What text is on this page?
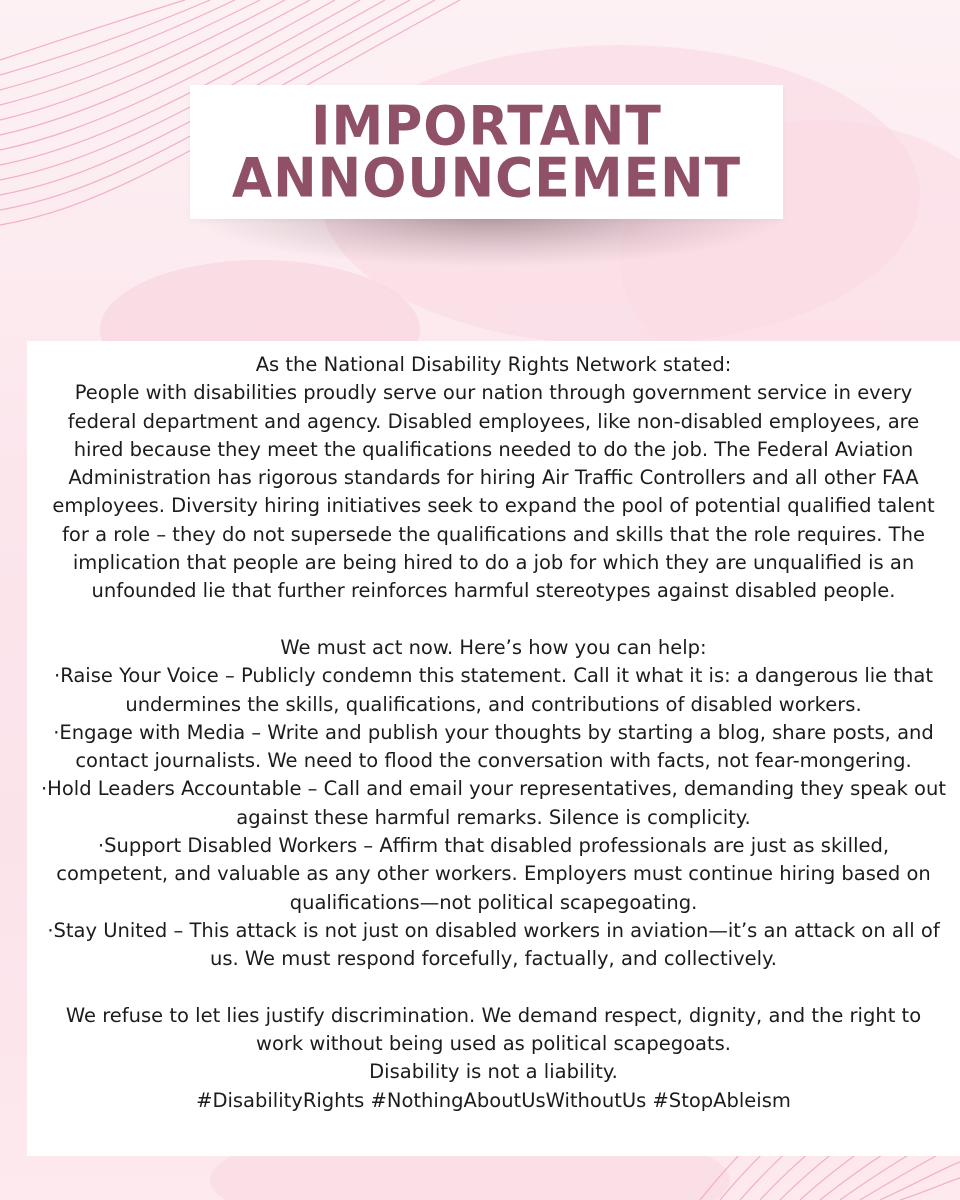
IMPORTANT
ANNOUNCEMENT

As the National Disability Rights Network stated:

People with disabilities proudly serve our nation through government service in every federal department and agency. Disabled employees, like non-disabled employees, are hired because they meet the qualifications needed to do the job. The Federal Aviation Administration has rigorous standards for hiring Air Traffic Controllers and all other FAA employees. Diversity hiring initiatives seek to expand the pool of potential qualified talent for a role – they do not supersede the qualifications and skills that the role requires. The implication that people are being hired to do a job for which they are unqualified is an unfounded lie that further reinforces harmful stereotypes against disabled people.

We must act now. Here’s how you can help:

·Raise Your Voice – Publicly condemn this statement. Call it what it is: a dangerous lie that undermines the skills, qualifications, and contributions of disabled workers.

·Engage with Media – Write and publish your thoughts by starting a blog, share posts, and contact journalists. We need to flood the conversation with facts, not fear-mongering.

·Hold Leaders Accountable – Call and email your representatives, demanding they speak out against these harmful remarks. Silence is complicity.

·Support Disabled Workers – Affirm that disabled professionals are just as skilled, competent, and valuable as any other workers. Employers must continue hiring based on qualifications—not political scapegoating.

·Stay United – This attack is not just on disabled workers in aviation—it’s an attack on all of us. We must respond forcefully, factually, and collectively.

We refuse to let lies justify discrimination. We demand respect, dignity, and the right to work without being used as political scapegoats.

Disability is not a liability.

#DisabilityRights #NothingAboutUsWithoutUs #StopAbleism
